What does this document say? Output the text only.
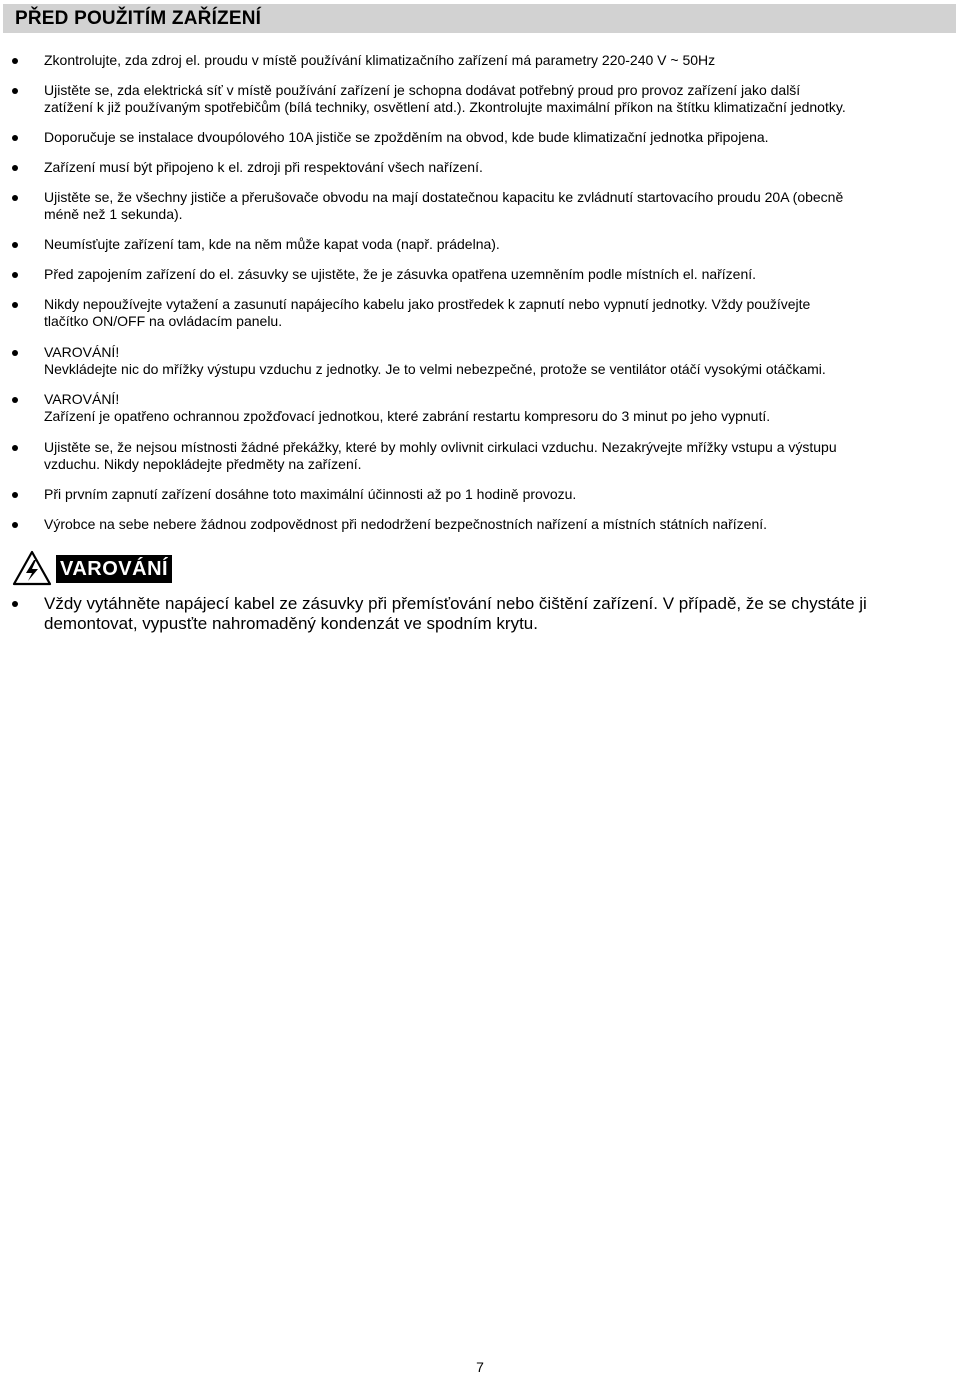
PŘED POUŽITÍM ZAŘÍZENÍ
Zkontrolujte, zda zdroj el. proudu v místě používání klimatizačního zařízení má parametry 220-240 V ~ 50Hz
Ujistěte se, zda elektrická síť v místě používání zařízení je schopna dodávat potřebný proud pro provoz zařízení jako další
zatížení k již používaným spotřebičům (bílá techniky, osvětlení atd.). Zkontrolujte maximální příkon na štítku klimatizační jednotky.
Doporučuje se instalace dvoupólového 10A jističe se zpožděním na obvod, kde bude klimatizační jednotka připojena.
Zařízení musí být připojeno k el. zdroji při respektování všech nařízení.
Ujistěte se, že všechny jističe a přerušovače obvodu na mají dostatečnou kapacitu ke zvládnutí startovacího proudu 20A (obecně
méně než 1 sekunda).
Neumísťujte zařízení tam, kde na něm může kapat voda (např. prádelna).
Před zapojením zařízení do el. zásuvky se ujistěte, že je zásuvka opatřena uzemněním podle místních el. nařízení.
Nikdy nepoužívejte vytažení a zasunutí napájecího kabelu jako prostředek k zapnutí nebo vypnutí jednotky. Vždy používejte
tlačítko ON/OFF na ovládacím panelu.
VAROVÁNÍ!
Nevkládejte nic do mřížky výstupu vzduchu z jednotky. Je to velmi nebezpečné, protože se ventilátor otáčí vysokými otáčkami.
VAROVÁNÍ!
Zařízení je opatřeno ochrannou zpožďovací jednotkou, které zabrání restartu kompresoru do 3 minut po jeho vypnutí.
Ujistěte se, že nejsou místnosti žádné překážky, které by mohly ovlivnit cirkulaci vzduchu. Nezakrývejte mřížky vstupu a výstupu
vzduchu. Nikdy nepokládejte předměty na zařízení.
Při prvním zapnutí zařízení dosáhne toto maximální účinnosti až po 1 hodině provozu.
Výrobce na sebe nebere žádnou zodpovědnost při nedodržení bezpečnostních nařízení a místních státních nařízení.
VAROVÁNÍ
Vždy vytáhněte napájecí kabel ze zásuvky při přemísťování nebo čištění zařízení. V případě, že se chystáte ji
demontovat, vypusťte nahromaděný kondenzát ve spodním krytu.
7
